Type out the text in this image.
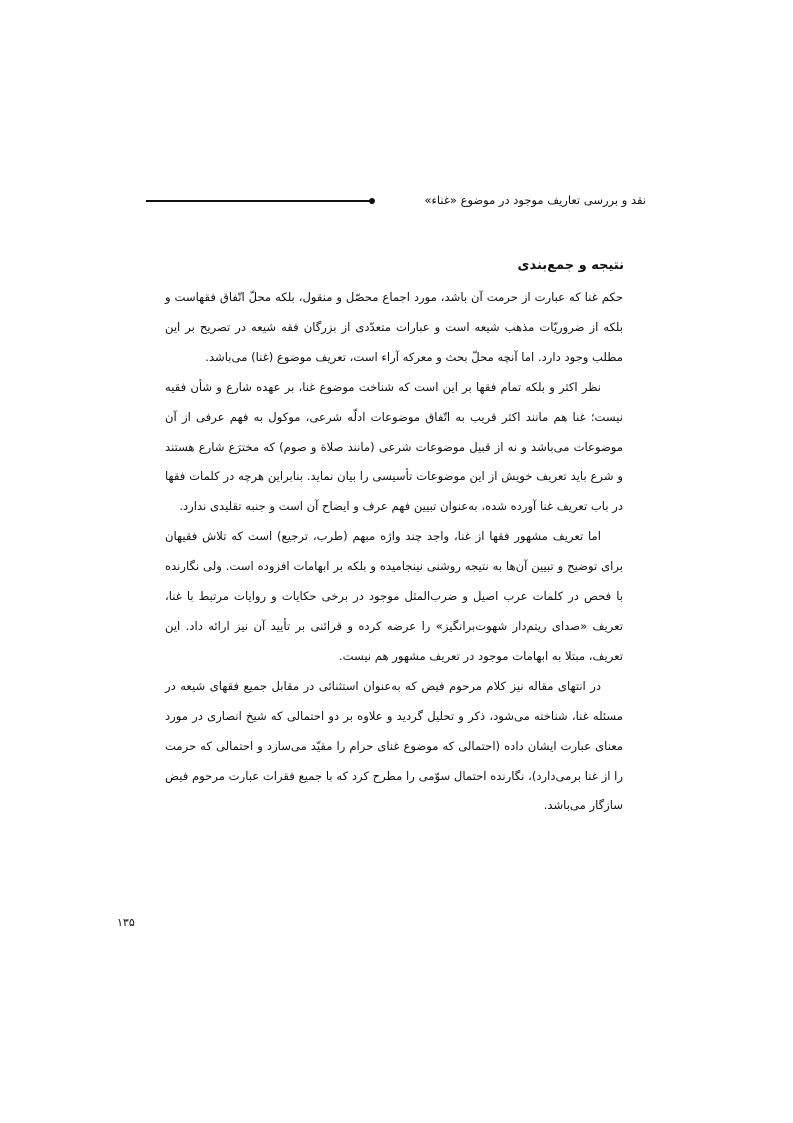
نقد و بررسی تعاریف موجود در موضوع «غناء»
نتیجه و جمع‌بندی

حکم غنا که عبارت از حرمت آن باشد، مورد اجماع محصّل و منقول، بلکه محلّ اتّفاق فقهاست و بلکه از ضروریّات مذهب شیعه است و عبارات متعدّدی از بزرگان فقه شیعه در تصریح بر این مطلب وجود دارد. اما آنچه محلّ بحث و معرکه آراء است، تعریف موضوع (غنا) می‌باشد.

نظر اکثر و بلکه تمام فقها بر این است که شناخت موضوع غنا، بر عهده شارع و شأن فقیه نیست؛ غنا هم مانند اکثر قریب به اتّفاق موضوعات ادلّه شرعی، موکول به فهم عرفی از آن موضوعات می‌باشد و نه از قبیل موضوعات شرعی (مانند صلاة و صوم) که مخترَع شارع هستند و شرع باید تعریف خویش از این موضوعات تأسیسی را بیان نماید. بنابراین هرچه در کلمات فقها در باب تعریف غنا آورده شده، به‌عنوان تبیین فهم عرف و ایضاح آن است و جنبه تقلیدی ندارد.

اما تعریف مشهور فقها از غنا، واجد چند واژه مبهم (طرب، ترجیع) است که تلاش فقیهان برای توضیح و تبیین آن‌ها به نتیجه روشنی نینجامیده و بلکه بر ابهامات افزوده است. ولی نگارنده با فحص در کلمات عرب اصیل و ضرب‌المثل موجود در برخی حکایات و روایات مرتبط با غنا، تعریف «صدای ریتم‌دار شهوت‌برانگیز» را عرضه کرده و قرائنی بر تأیید آن نیز ارائه داد. این تعریف، مبتلا به ابهامات موجود در تعریف مشهور هم نیست.

در انتهای مقاله نیز کلام مرحوم فیض که به‌عنوان استثنائی در مقابل جمیع فقهای شیعه در مسئله غنا، شناخته می‌شود، ذکر و تحلیل گردید و علاوه بر دو احتمالی که شیخ انصاری در مورد معنای عبارت ایشان داده (احتمالی که موضوع غنای حرام را مقیّد می‌سازد و احتمالی که حرمت را از غنا برمی‌دارد)، نگارنده احتمال سوّمی را مطرح کرد که با جمیع فقرات عبارت مرحوم فیض سازگار می‌باشد.

۱۳۵
